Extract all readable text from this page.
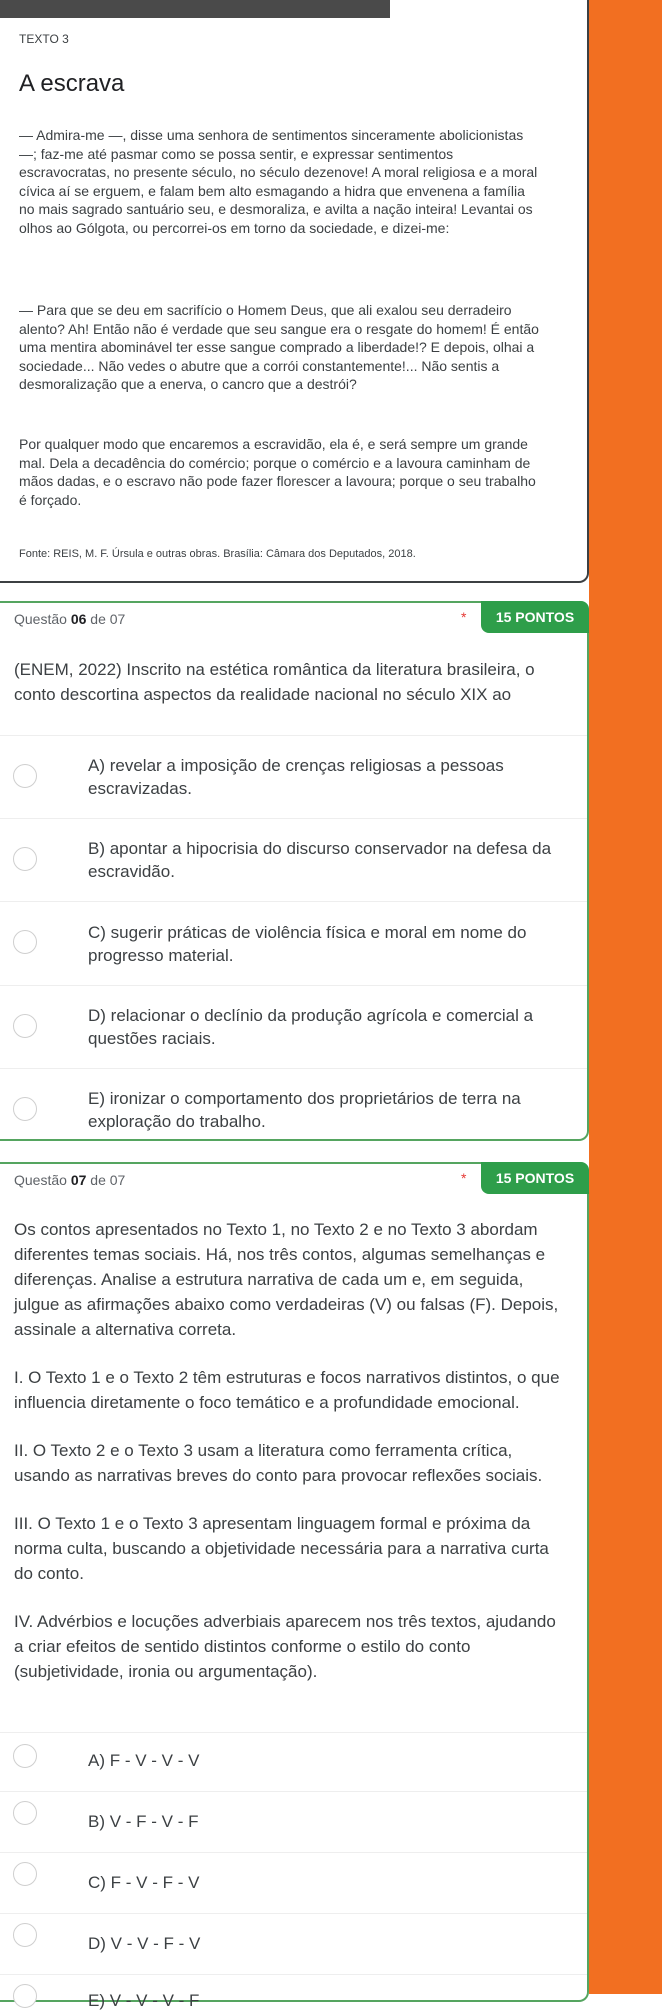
TEXTO 3
A escrava

— Admira-me —, disse uma senhora de sentimentos sinceramente abolicionistas —; faz-me até pasmar como se possa sentir, e expressar sentimentos escravocratas, no presente século, no século dezenove! A moral religiosa e a moral cívica aí se erguem, e falam bem alto esmagando a hidra que envenena a família no mais sagrado santuário seu, e desmoraliza, e avilta a nação inteira! Levantai os olhos ao Gólgota, ou percorrei-os em torno da sociedade, e dizei-me:

— Para que se deu em sacrifício o Homem Deus, que ali exalou seu derradeiro alento? Ah! Então não é verdade que seu sangue era o resgate do homem! É então uma mentira abominável ter esse sangue comprado a liberdade!? E depois, olhai a sociedade... Não vedes o abutre que a corrói constantemente!... Não sentis a desmoralização que a enerva, o cancro que a destrói?

Por qualquer modo que encaremos a escravidão, ela é, e será sempre um grande mal. Dela a decadência do comércio; porque o comércio e a lavoura caminham de mãos dadas, e o escravo não pode fazer florescer a lavoura; porque o seu trabalho é forçado.

Fonte: REIS, M. F. Úrsula e outras obras. Brasília: Câmara dos Deputados, 2018.
Questão 06 de 07	*	15 PONTOS

(ENEM, 2022) Inscrito na estética romântica da literatura brasileira, o conto descortina aspectos da realidade nacional no século XIX ao

A) revelar a imposição de crenças religiosas a pessoas escravizadas.
B) apontar a hipocrisia do discurso conservador na defesa da escravidão.
C) sugerir práticas de violência física e moral em nome do progresso material.
D) relacionar o declínio da produção agrícola e comercial a questões raciais.
E) ironizar o comportamento dos proprietários de terra na exploração do trabalho.
Questão 07 de 07	*	15 PONTOS

Os contos apresentados no Texto 1, no Texto 2 e no Texto 3 abordam diferentes temas sociais. Há, nos três contos, algumas semelhanças e diferenças. Analise a estrutura narrativa de cada um e, em seguida, julgue as afirmações abaixo como verdadeiras (V) ou falsas (F). Depois, assinale a alternativa correta.

I. O Texto 1 e o Texto 2 têm estruturas e focos narrativos distintos, o que influencia diretamente o foco temático e a profundidade emocional.

II. O Texto 2 e o Texto 3 usam a literatura como ferramenta crítica, usando as narrativas breves do conto para provocar reflexões sociais.

III. O Texto 1 e o Texto 3 apresentam linguagem formal e próxima da norma culta, buscando a objetividade necessária para a narrativa curta do conto.

IV. Advérbios e locuções adverbiais aparecem nos três textos, ajudando a criar efeitos de sentido distintos conforme o estilo do conto (subjetividade, ironia ou argumentação).

A) F - V - V - V
B) V - F - V - F
C) F - V - F - V
D) V - V - F - V
E) V - V - V - F
